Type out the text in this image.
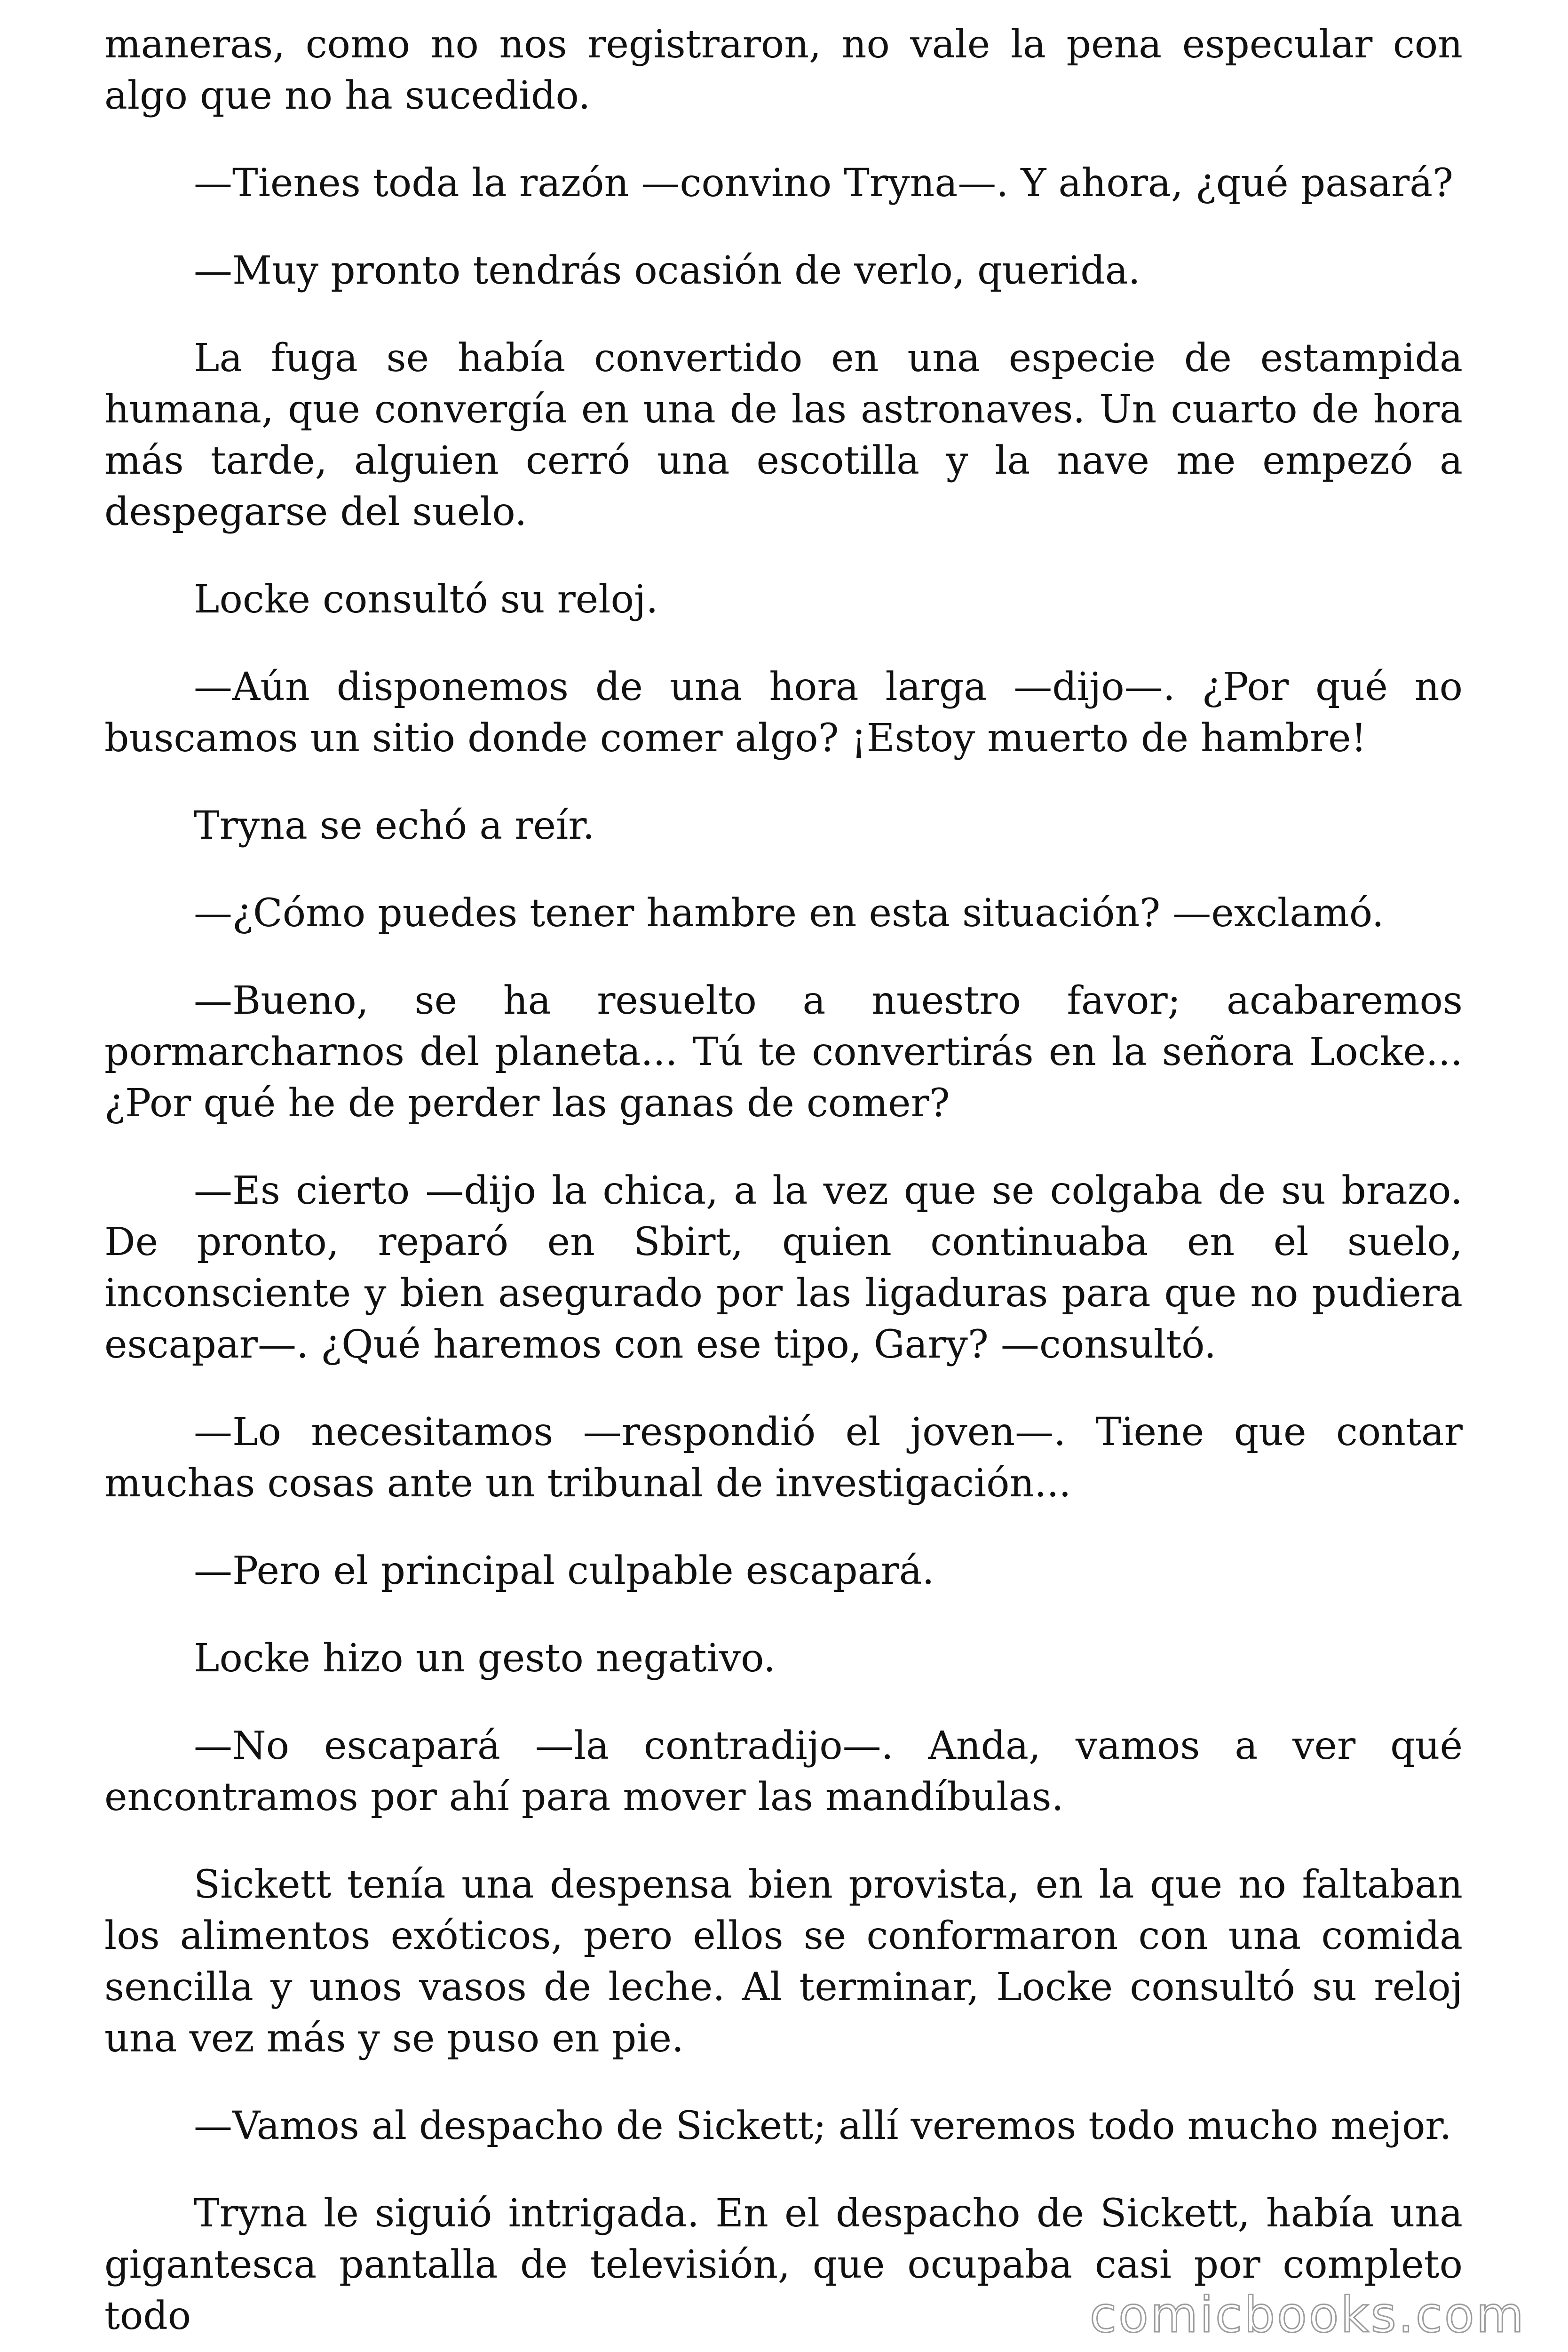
maneras, como no nos registraron, no vale la pena especular con algo que no ha sucedido.

—Tienes toda la razón —convino Tryna—. Y ahora, ¿qué pasará?

—Muy pronto tendrás ocasión de verlo, querida.

La fuga se había convertido en una especie de estampida humana, que convergía en una de las astronaves. Un cuarto de hora más tarde, alguien cerró una escotilla y la nave me empezó a despegarse del suelo.

Locke consultó su reloj.

—Aún disponemos de una hora larga —dijo—. ¿Por qué no buscamos un sitio donde comer algo? ¡Estoy muerto de hambre!

Tryna se echó a reír.

—¿Cómo puedes tener hambre en esta situación? —exclamó.

—Bueno, se ha resuelto a nuestro favor; acabaremos pormarcharnos del planeta... Tú te convertirás en la señora Locke... ¿Por qué he de perder las ganas de comer?

—Es cierto —dijo la chica, a la vez que se colgaba de su brazo. De pronto, reparó en Sbirt, quien continuaba en el suelo, inconsciente y bien asegurado por las ligaduras para que no pudiera escapar—. ¿Qué haremos con ese tipo, Gary? —consultó.

—Lo necesitamos —respondió el joven—. Tiene que contar muchas cosas ante un tribunal de investigación...

—Pero el principal culpable escapará.

Locke hizo un gesto negativo.

—No escapará —la contradijo—. Anda, vamos a ver qué encontramos por ahí para mover las mandíbulas.

Sickett tenía una despensa bien provista, en la que no faltaban los alimentos exóticos, pero ellos se conformaron con una comida sencilla y unos vasos de leche. Al terminar, Locke consultó su reloj una vez más y se puso en pie.

—Vamos al despacho de Sickett; allí veremos todo mucho mejor.

Tryna le siguió intrigada. En el despacho de Sickett, había una gigantesca pantalla de televisión, que ocupaba casi por completo todo	comicbooks.com
